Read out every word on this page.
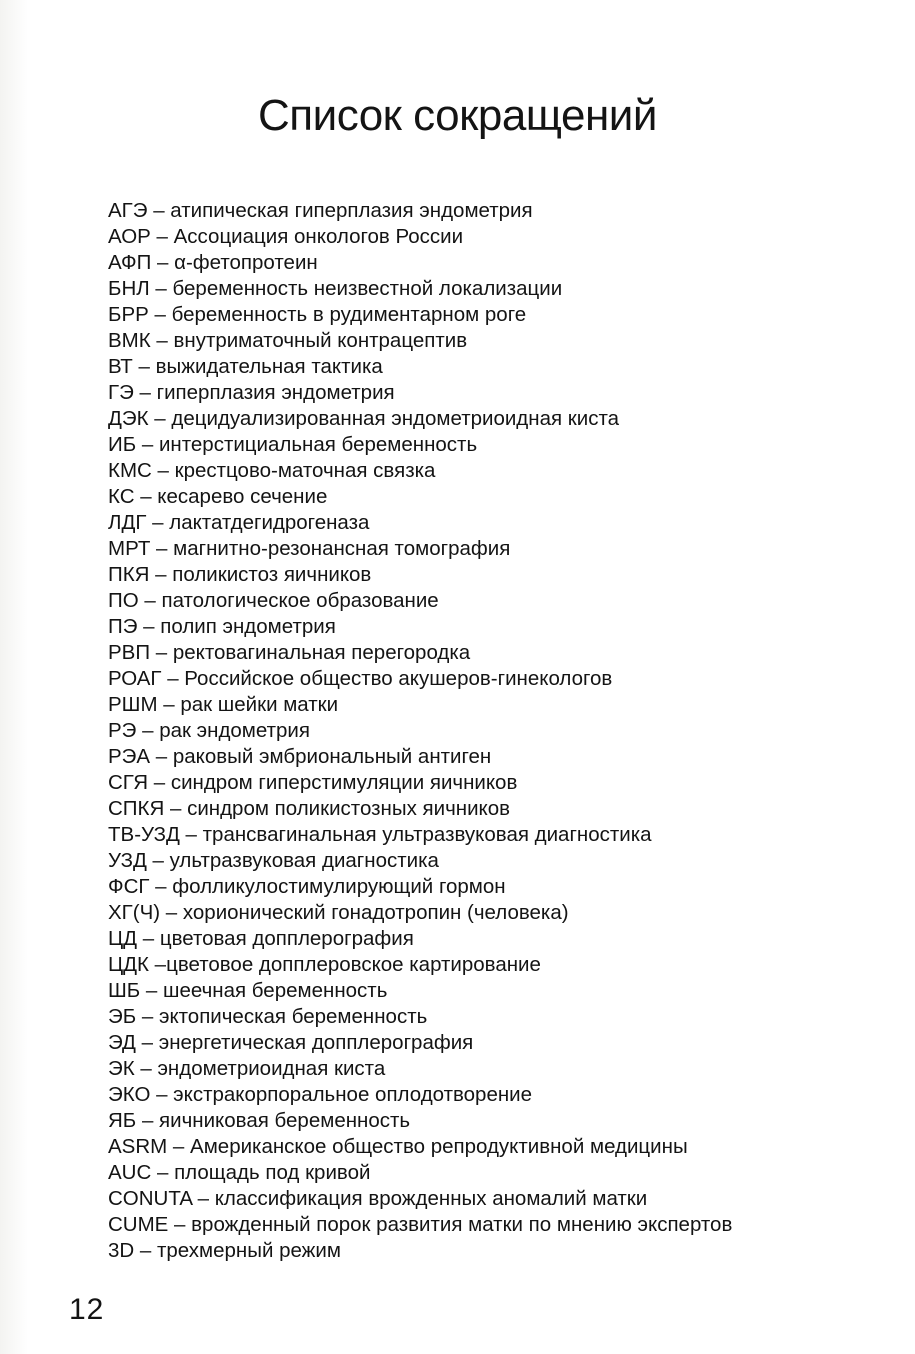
Список сокращений
АГЭ – атипическая гиперплазия эндометрия
АОР – Ассоциация онкологов России
АФП – α-фетопротеин
БНЛ – беременность неизвестной локализации
БРР – беременность в рудиментарном роге
ВМК – внутриматочный контрацептив
ВТ – выжидательная тактика
ГЭ – гиперплазия эндометрия
ДЭК – децидуализированная эндометриоидная киста
ИБ – интерстициальная беременность
КМС – крестцово-маточная связка
КС – кесарево сечение
ЛДГ – лактатдегидрогеназа
МРТ – магнитно-резонансная томография
ПКЯ – поликистоз яичников
ПО – патологическое образование
ПЭ – полип эндометрия
РВП – ректовагинальная перегородка
РОАГ – Российское общество акушеров-гинекологов
РШМ – рак шейки матки
РЭ – рак эндометрия
РЭА – раковый эмбриональный антиген
СГЯ – синдром гиперстимуляции яичников
СПКЯ – синдром поликистозных яичников
ТВ-УЗД – трансвагинальная ультразвуковая диагностика
УЗД – ультразвуковая диагностика
ФСГ – фолликулостимулирующий гормон
ХГ(Ч) – хорионический гонадотропин (человека)
ЦД – цветовая допплерография
ЦДК –цветовое допплеровское картирование
ШБ – шеечная беременность
ЭБ – эктопическая беременность
ЭД – энергетическая допплерография
ЭК – эндометриоидная киста
ЭКО – экстракорпоральное оплодотворение
ЯБ – яичниковая беременность
ASRM – Американское общество репродуктивной медицины
AUC – площадь под кривой
CONUTA – классификация врожденных аномалий матки
CUME – врожденный порок развития матки по мнению экспертов
3D – трехмерный режим
12
